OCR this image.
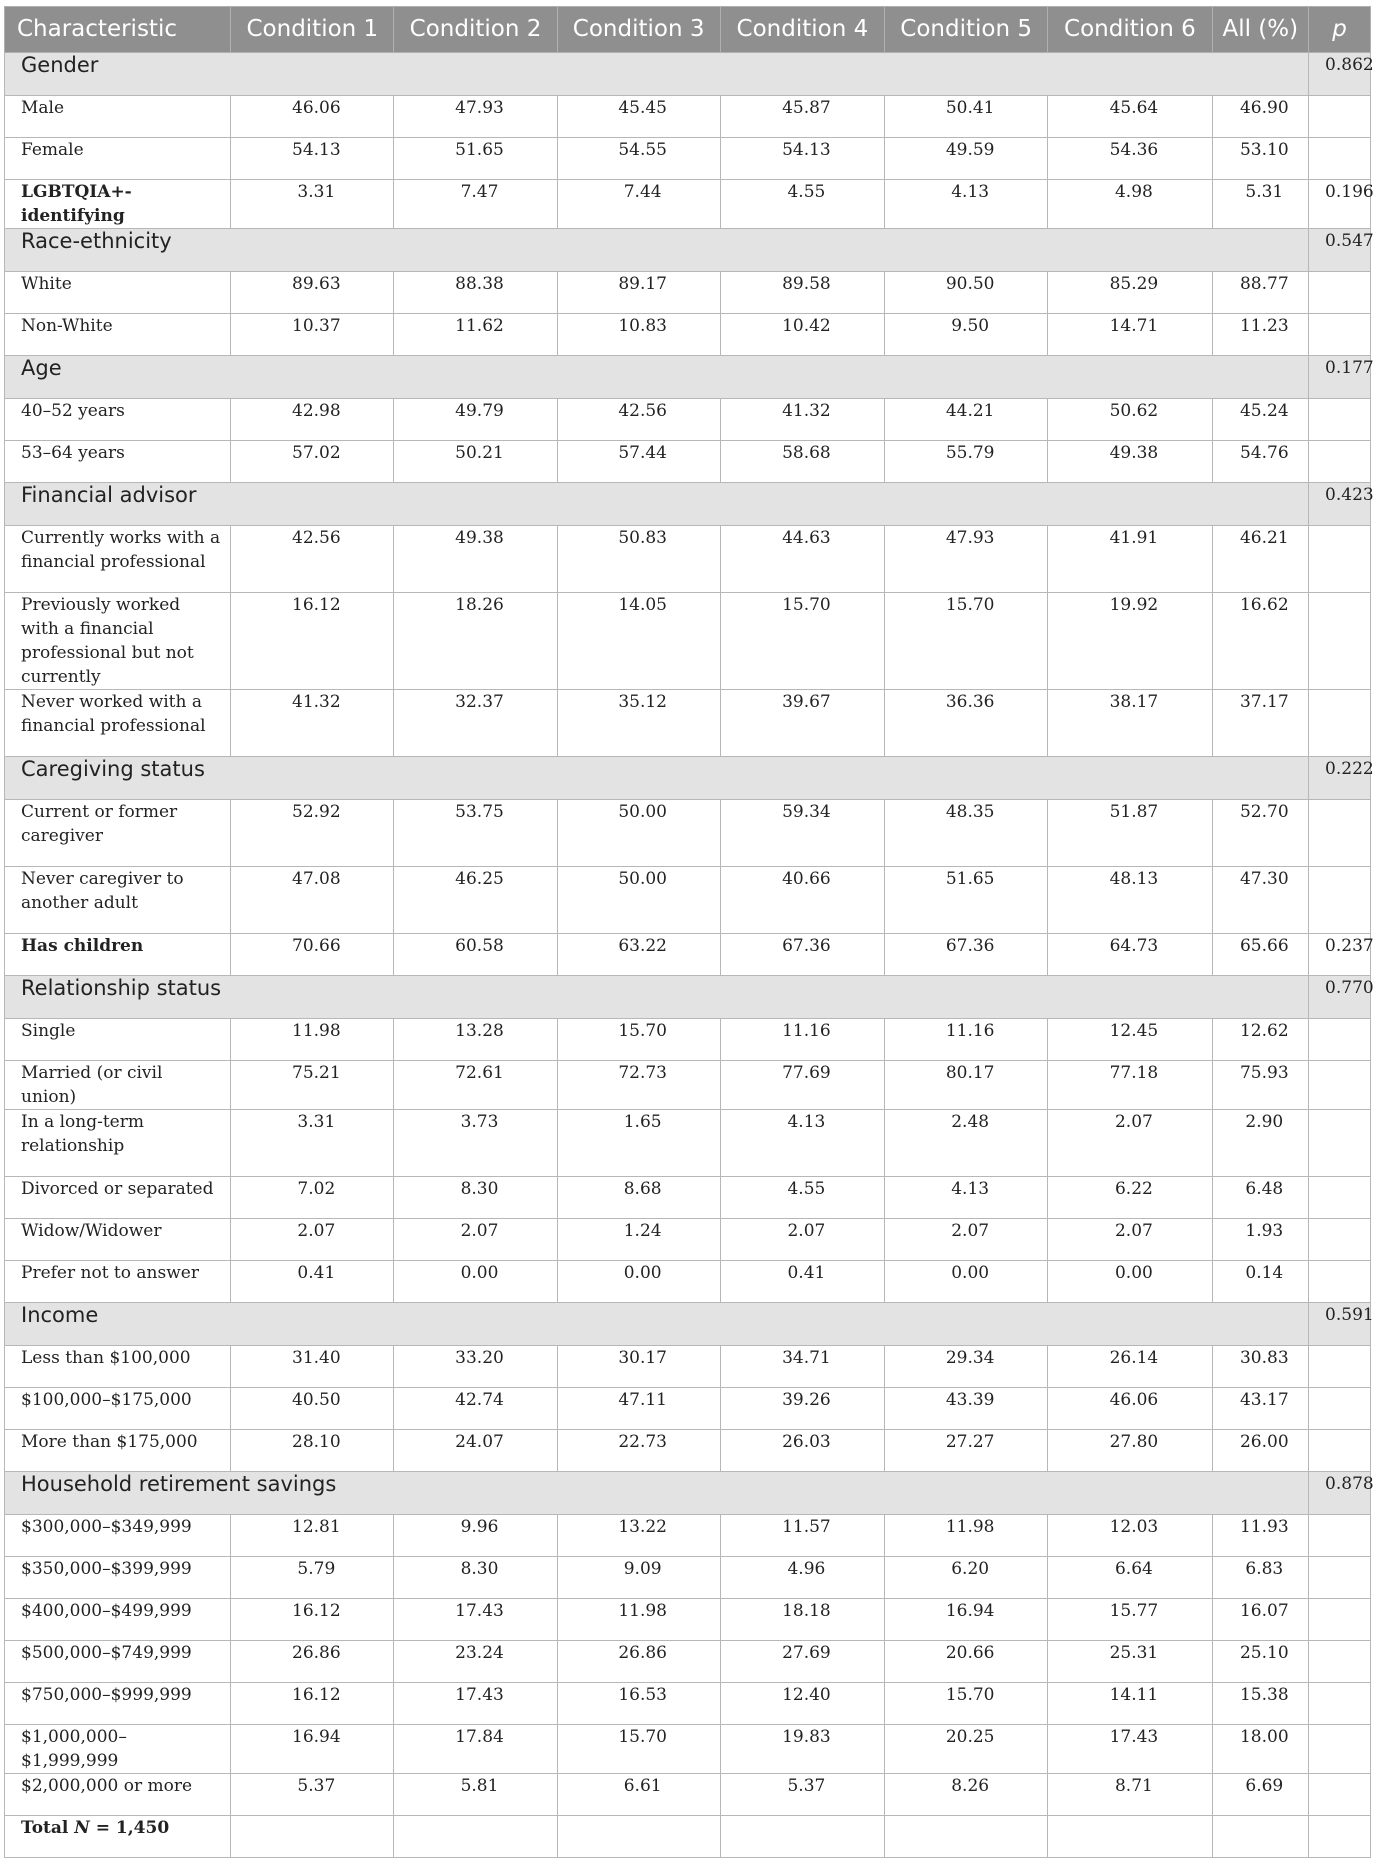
Characteristic	Condition 1	Condition 2	Condition 3	Condition 4	Condition 5	Condition 6	All (%)	p
Gender								0.862
Male	46.06	47.93	45.45	45.87	50.41	45.64	46.90	
Female	54.13	51.65	54.55	54.13	49.59	54.36	53.10	
LGBTQIA+-identifying	3.31	7.47	7.44	4.55	4.13	4.98	5.31	0.196
Race-ethnicity								0.547
White	89.63	88.38	89.17	89.58	90.50	85.29	88.77	
Non-White	10.37	11.62	10.83	10.42	9.50	14.71	11.23	
Age								0.177
40–52 years	42.98	49.79	42.56	41.32	44.21	50.62	45.24	
53–64 years	57.02	50.21	57.44	58.68	55.79	49.38	54.76	
Financial advisor								0.423
Currently works with a financial professional	42.56	49.38	50.83	44.63	47.93	41.91	46.21	
Previously worked with a financial professional but not currently	16.12	18.26	14.05	15.70	15.70	19.92	16.62	
Never worked with a financial professional	41.32	32.37	35.12	39.67	36.36	38.17	37.17	
Caregiving status								0.222
Current or former caregiver	52.92	53.75	50.00	59.34	48.35	51.87	52.70	
Never caregiver to another adult	47.08	46.25	50.00	40.66	51.65	48.13	47.30	
Has children	70.66	60.58	63.22	67.36	67.36	64.73	65.66	0.237
Relationship status								0.770
Single	11.98	13.28	15.70	11.16	11.16	12.45	12.62	
Married (or civil union)	75.21	72.61	72.73	77.69	80.17	77.18	75.93	
In a long-term relationship	3.31	3.73	1.65	4.13	2.48	2.07	2.90	
Divorced or separated	7.02	8.30	8.68	4.55	4.13	6.22	6.48	
Widow/Widower	2.07	2.07	1.24	2.07	2.07	2.07	1.93	
Prefer not to answer	0.41	0.00	0.00	0.41	0.00	0.00	0.14	
Income								0.591
Less than $100,000	31.40	33.20	30.17	34.71	29.34	26.14	30.83	
$100,000–$175,000	40.50	42.74	47.11	39.26	43.39	46.06	43.17	
More than $175,000	28.10	24.07	22.73	26.03	27.27	27.80	26.00	
Household retirement savings								0.878
$300,000–$349,999	12.81	9.96	13.22	11.57	11.98	12.03	11.93	
$350,000–$399,999	5.79	8.30	9.09	4.96	6.20	6.64	6.83	
$400,000–$499,999	16.12	17.43	11.98	18.18	16.94	15.77	16.07	
$500,000–$749,999	26.86	23.24	26.86	27.69	20.66	25.31	25.10	
$750,000–$999,999	16.12	17.43	16.53	12.40	15.70	14.11	15.38	
$1,000,000–$1,999,999	16.94	17.84	15.70	19.83	20.25	17.43	18.00	
$2,000,000 or more	5.37	5.81	6.61	5.37	8.26	8.71	6.69	
Total N = 1,450								
